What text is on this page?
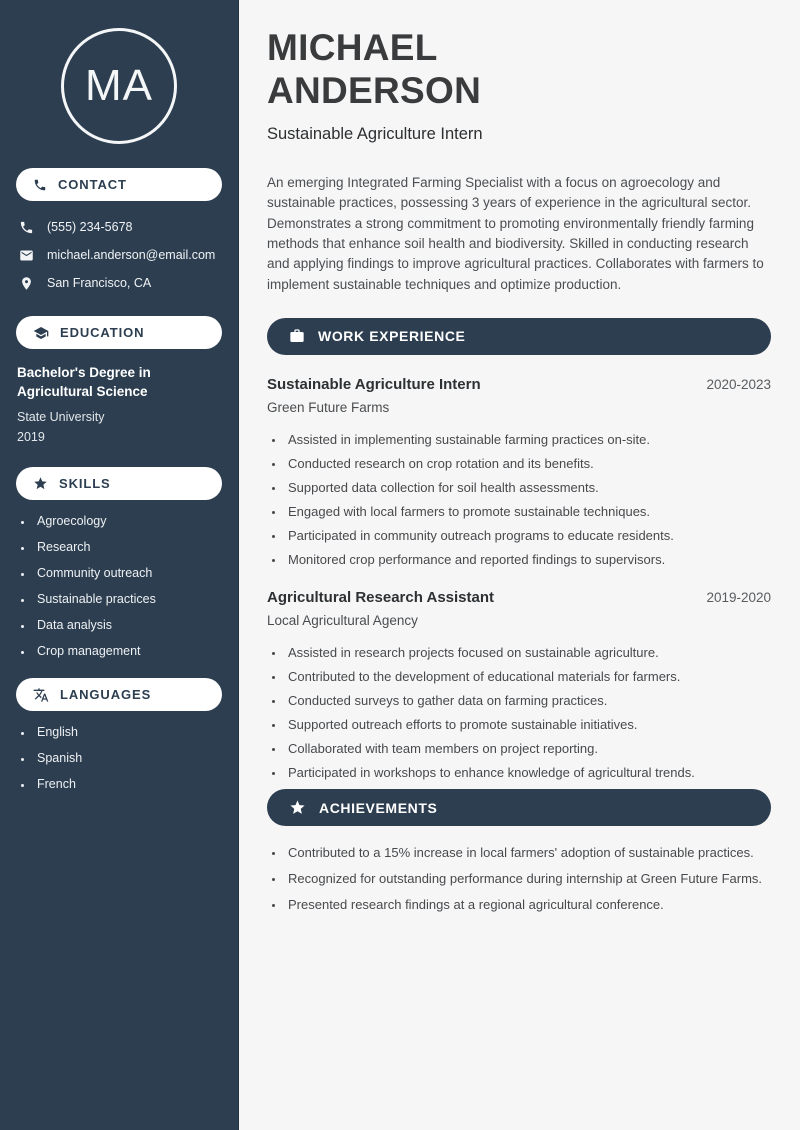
MA
CONTACT
(555) 234-5678
michael.anderson@email.com
San Francisco, CA
EDUCATION
Bachelor's Degree in Agricultural Science
State University
2019
SKILLS
• Agroecology
• Research
• Community outreach
• Sustainable practices
• Data analysis
• Crop management
LANGUAGES
• English
• Spanish
• French
MICHAEL
ANDERSON
Sustainable Agriculture Intern
An emerging Integrated Farming Specialist with a focus on agroecology and sustainable practices, possessing 3 years of experience in the agricultural sector. Demonstrates a strong commitment to promoting environmentally friendly farming methods that enhance soil health and biodiversity. Skilled in conducting research and applying findings to improve agricultural practices. Collaborates with farmers to implement sustainable techniques and optimize production.
WORK EXPERIENCE
Sustainable Agriculture Intern	2020-2023
Green Future Farms
• Assisted in implementing sustainable farming practices on-site.
• Conducted research on crop rotation and its benefits.
• Supported data collection for soil health assessments.
• Engaged with local farmers to promote sustainable techniques.
• Participated in community outreach programs to educate residents.
• Monitored crop performance and reported findings to supervisors.
Agricultural Research Assistant	2019-2020
Local Agricultural Agency
• Assisted in research projects focused on sustainable agriculture.
• Contributed to the development of educational materials for farmers.
• Conducted surveys to gather data on farming practices.
• Supported outreach efforts to promote sustainable initiatives.
• Collaborated with team members on project reporting.
• Participated in workshops to enhance knowledge of agricultural trends.
ACHIEVEMENTS
• Contributed to a 15% increase in local farmers' adoption of sustainable practices.
• Recognized for outstanding performance during internship at Green Future Farms.
• Presented research findings at a regional agricultural conference.
